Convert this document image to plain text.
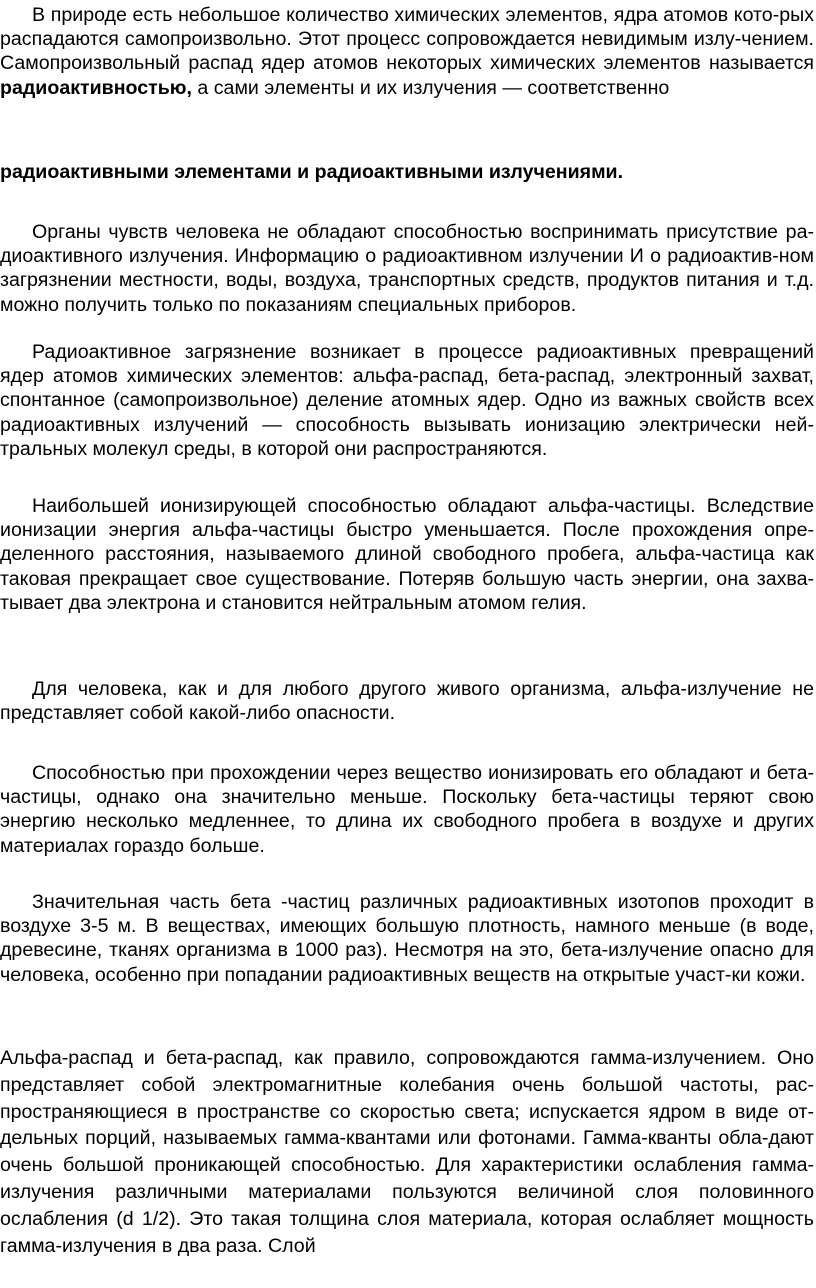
В природе есть небольшое количество химических элементов, ядра атомов кото-рых распадаются самопроизвольно. Этот процесс сопровождается невидимым излу-чением. Самопроизвольный распад ядер атомов некоторых химических элементов называется радиоактивностью, а сами элементы и их излучения — соответственно

радиоактивными элементами и радиоактивными излучениями.

Органы чувств человека не обладают способностью воспринимать присутствие ра-диоактивного излучения. Информацию о радиоактивном излучении И о радиоактив-ном загрязнении местности, воды, воздуха, транспортных средств, продуктов питания и т.д. можно получить только по показаниям специальных приборов.

Радиоактивное загрязнение возникает в процессе радиоактивных превращений ядер атомов химических элементов: альфа-распад, бета-распад, электронный захват, спонтанное (самопроизвольное) деление атомных ядер. Одно из важных свойств всех радиоактивных излучений — способность вызывать ионизацию электрически ней-тральных молекул среды, в которой они распространяются.

Наибольшей ионизирующей способностью обладают альфа-частицы. Вследствие ионизации энергия альфа-частицы быстро уменьшается. После прохождения опре-деленного расстояния, называемого длиной свободного пробега, альфа-частица как таковая прекращает свое существование. Потеряв большую часть энергии, она захва-тывает два электрона и становится нейтральным атомом гелия.

Для человека, как и для любого другого живого организма, альфа-излучение не представляет собой какой-либо опасности.

Способностью при прохождении через вещество ионизировать его обладают и бета-частицы, однако она значительно меньше. Поскольку бета-частицы теряют свою энергию несколько медленнее, то длина их свободного пробега в воздухе и других материалах гораздо больше.

Значительная часть бета -частиц различных радиоактивных изотопов проходит в воздухе 3-5 м. В веществах, имеющих большую плотность, намного меньше (в воде, древесине, тканях организма в 1000 раз). Несмотря на это, бета-излучение опасно для человека, особенно при попадании радиоактивных веществ на открытые участ-ки кожи.

Альфа-распад и бета-распад, как правило, сопровождаются гамма-излучением. Оно представляет собой электромагнитные колебания очень большой частоты, рас-пространяющиеся в пространстве со скоростью света; испускается ядром в виде от-дельных порций, называемых гамма-квантами или фотонами. Гамма-кванты обла-дают очень большой проникающей способностью. Для характеристики ослабления гамма-излучения различными материалами пользуются величиной слоя половинного ослабления (d 1/2). Это такая толщина слоя материала, которая ослабляет мощность гамма-излучения в два раза. Слой
